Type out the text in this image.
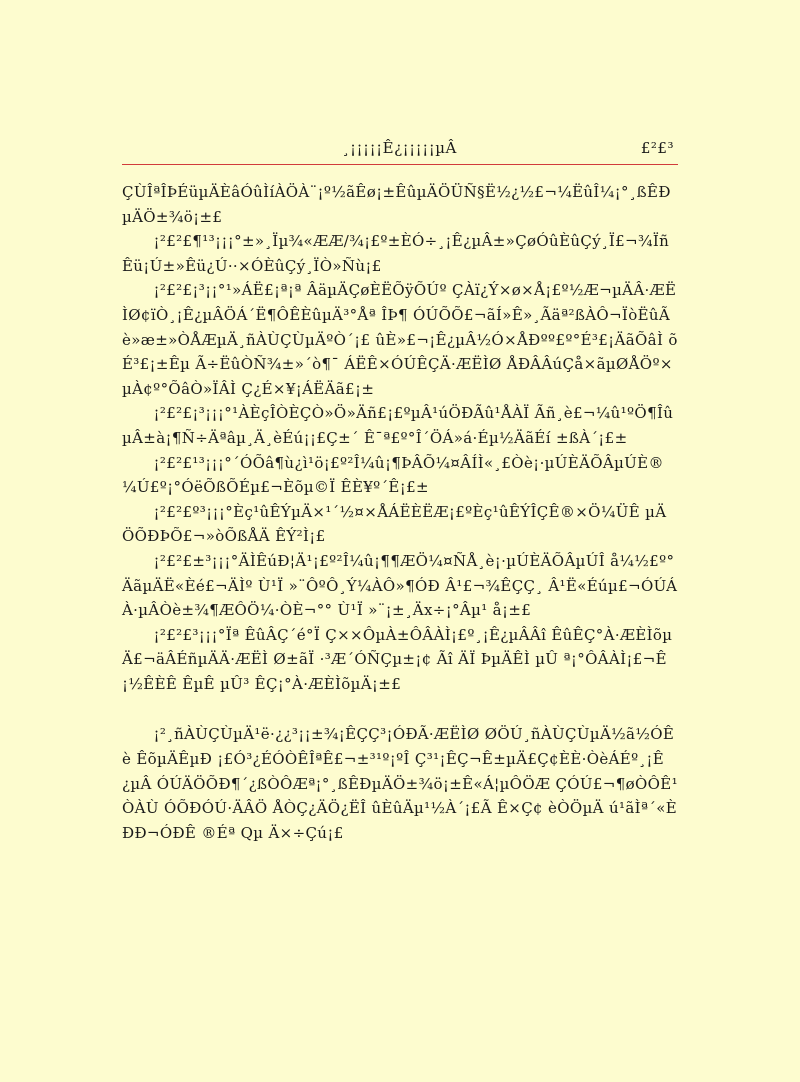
¸¡¡¡¡¡Ê¿¡¡¡¡¡µÂ	£²£³

ÇÙÎªÎÞÉüµÄÈâÓûÌíÀÖÀ¨¡º½ãÊø¡±ÊûµÄÖÜÑ§Ë½¿½£¬¼ËûÎ¼¡°¸ßÊÐµÄÖ±¾ö¡±£

¡²£²£¶¹³¡¡¡°±»¸Ïµ¾«ÆÆ/¾¡£º±ÈÓ÷¸¡Ê¿µÂ±»ÇøÓûÈûÇý¸Ï£¬¾ÏñÊü¡Ú±»Êü¿Ú··×ÓÈûÇý¸ÏÒ»Ñù¡£

¡²£²£¡³¡¡°¹»ÁË£¡ª¡ª ÂäµÄÇøÈËÕÿÕÚº ÇÀï¿Ý×ø×Å¡£º½Æ¬µÄÂ·ÆËÌØ¢ïÒ¸¡Ê¿µÂÖÁ´Ë¶ÔÊÈûµÄ³°Åª ÎÞ¶ ÓÚÕÕ£¬ãÍ»Ê»¸Ãäª²ßÀÔ¬ÏòËûÃè»æ±»ÒÅÆµÄ¸ñÀÙÇÙµÄºÒ´¡£ ûÈ»£¬¡Ê¿µÂ½Ó×ÅÐºº£º°É³£¡ÄãÕâÌ õÉ³£¡±Êµ Ã÷ËûÒÑ¾±»´ò¶¯ ÁËÊ×ÓÚÊÇÄ·ÆËÌØ ÅÐÂÂúÇå×ãµØÅÖº×µÀ¢º°ÕâÒ»ÏÂÌ Ç¿É×¥¡ÁËÄã£¡±

¡²£²£¡³¡¡¡°¹ÀÈçÎÒÈÇÒ»Ö»Äñ£¡£ºµÂ¹úÖÐÃû¹ÅÀÏ Ãñ¸è£¬¼û¹ºÖ¶ÎûµÂ±à¡¶Ñ÷Äªâµ¸Ä¸èÉú¡¡£Ç±´ Ê¯ª£º°Î´ÖÁ»á·Éµ½ÄãÉí ±ßÀ´¡£±

¡²£²£¹³¡¡¡°´ÓÕâ¶ù¿ì¹ö¡£º²Î¼û¡¶ÞÂÕ¼¤ÂÍÌ«¸£Òè¡·µÚÈÄÕÂµÚÈ®¼Ú£º¡°ÓëÕßÕÉµ£¬Èõµ©Ï ÊÈ¥º´Ê¡£±

¡²£²£º³¡¡¡°Èç¹ûÊÝµÄ×¹´½¤×ÅÁËÈËÆ¡£ºÈç¹ûÊÝÎÇÊ®×Ö¼ÜÊ µÄÖÕÐÞÕ£¬»òÕßÅÄ ÊÝ²Ì¡£

¡²£²£±³¡¡¡°ÄÌÊúÐ¦Ä¹¡£º²Î¼û¡¶¶ÆÖ¼¤ÑÅ¸è¡·µÚÈÄÕÂµÚÎ å¼½£º°ÄãµÄË«Èé£¬ÄÌº Ù¹Ï »¨ÔºÔ¸Ý¼ÀÔ»¶ÓÐ Â¹£¬¾ÊÇÇ¸ Â¹Ë«Éúµ£¬ÓÚÁÀ·µÂÒè±¾¶ÆÔÖ¼·ÒÈ¬°° Ù¹Ï »¨¡±¸Äx÷¡°Âµ¹ å¡±£

¡²£²£³¡¡¡°Ïª ÊûÂÇ´é°Ï Ç××ÔµÀ±ÔÂÀÌ¡£º¸¡Ê¿µÂÂî ÊûÊÇ°À·ÆÈÌõµÄ£¬äÂÉñµÄÄ·ÆËÌ Ø±ãÏ ·³Æ´ÓÑÇµ±¡¢ Ãî ÄÏ ÞµÄÊÌ µÛ ª¡°ÔÂÀÌ¡£¬Ê¡½ÊÈÊ ÊµÊ µÛ³ ÊÇ¡°À·ÆÈÌõµÄ¡±£

¡²¸ñÀÙÇÙµÄ¹ë·¿¿³¡¡±¾¡ÊÇÇ³¡ÓÐÃ·ÆËÌØ ØÖÚ¸ñÀÙÇÙµÄ½ã½ÓÊè ÊõµÄÊµÐ ¡£Ó³¿ÉÓÒÊÎªÊ£¬±³¹º¡ºÎ Ç³¹¡ÊÇ¬Ê±µÄ£Ç¢ÈÈ·ÒèÁÉº¸¡Ê¿µÂ ÓÚÄÖÕÐ¶´¿ßÒÔÆª¡°¸ßÊÐµÄÖ±¾ö¡±Ê«Á¦µÔÖÆ ÇÓÚ£¬¶øÒÔÊ¹ÒÀÙ ÓÕÐÓÚ·ÄÂÖ ÅÒÇ¿ÄÖ¿ËÎ ûÈûÄµ¹½À´¡£Ã Ê×Ç¢ èÒÖµÄ ú¹ãÌª´«ÈÐÐ¬ÓÐÊ ®Éª Qµ Ä×÷Çú¡£
